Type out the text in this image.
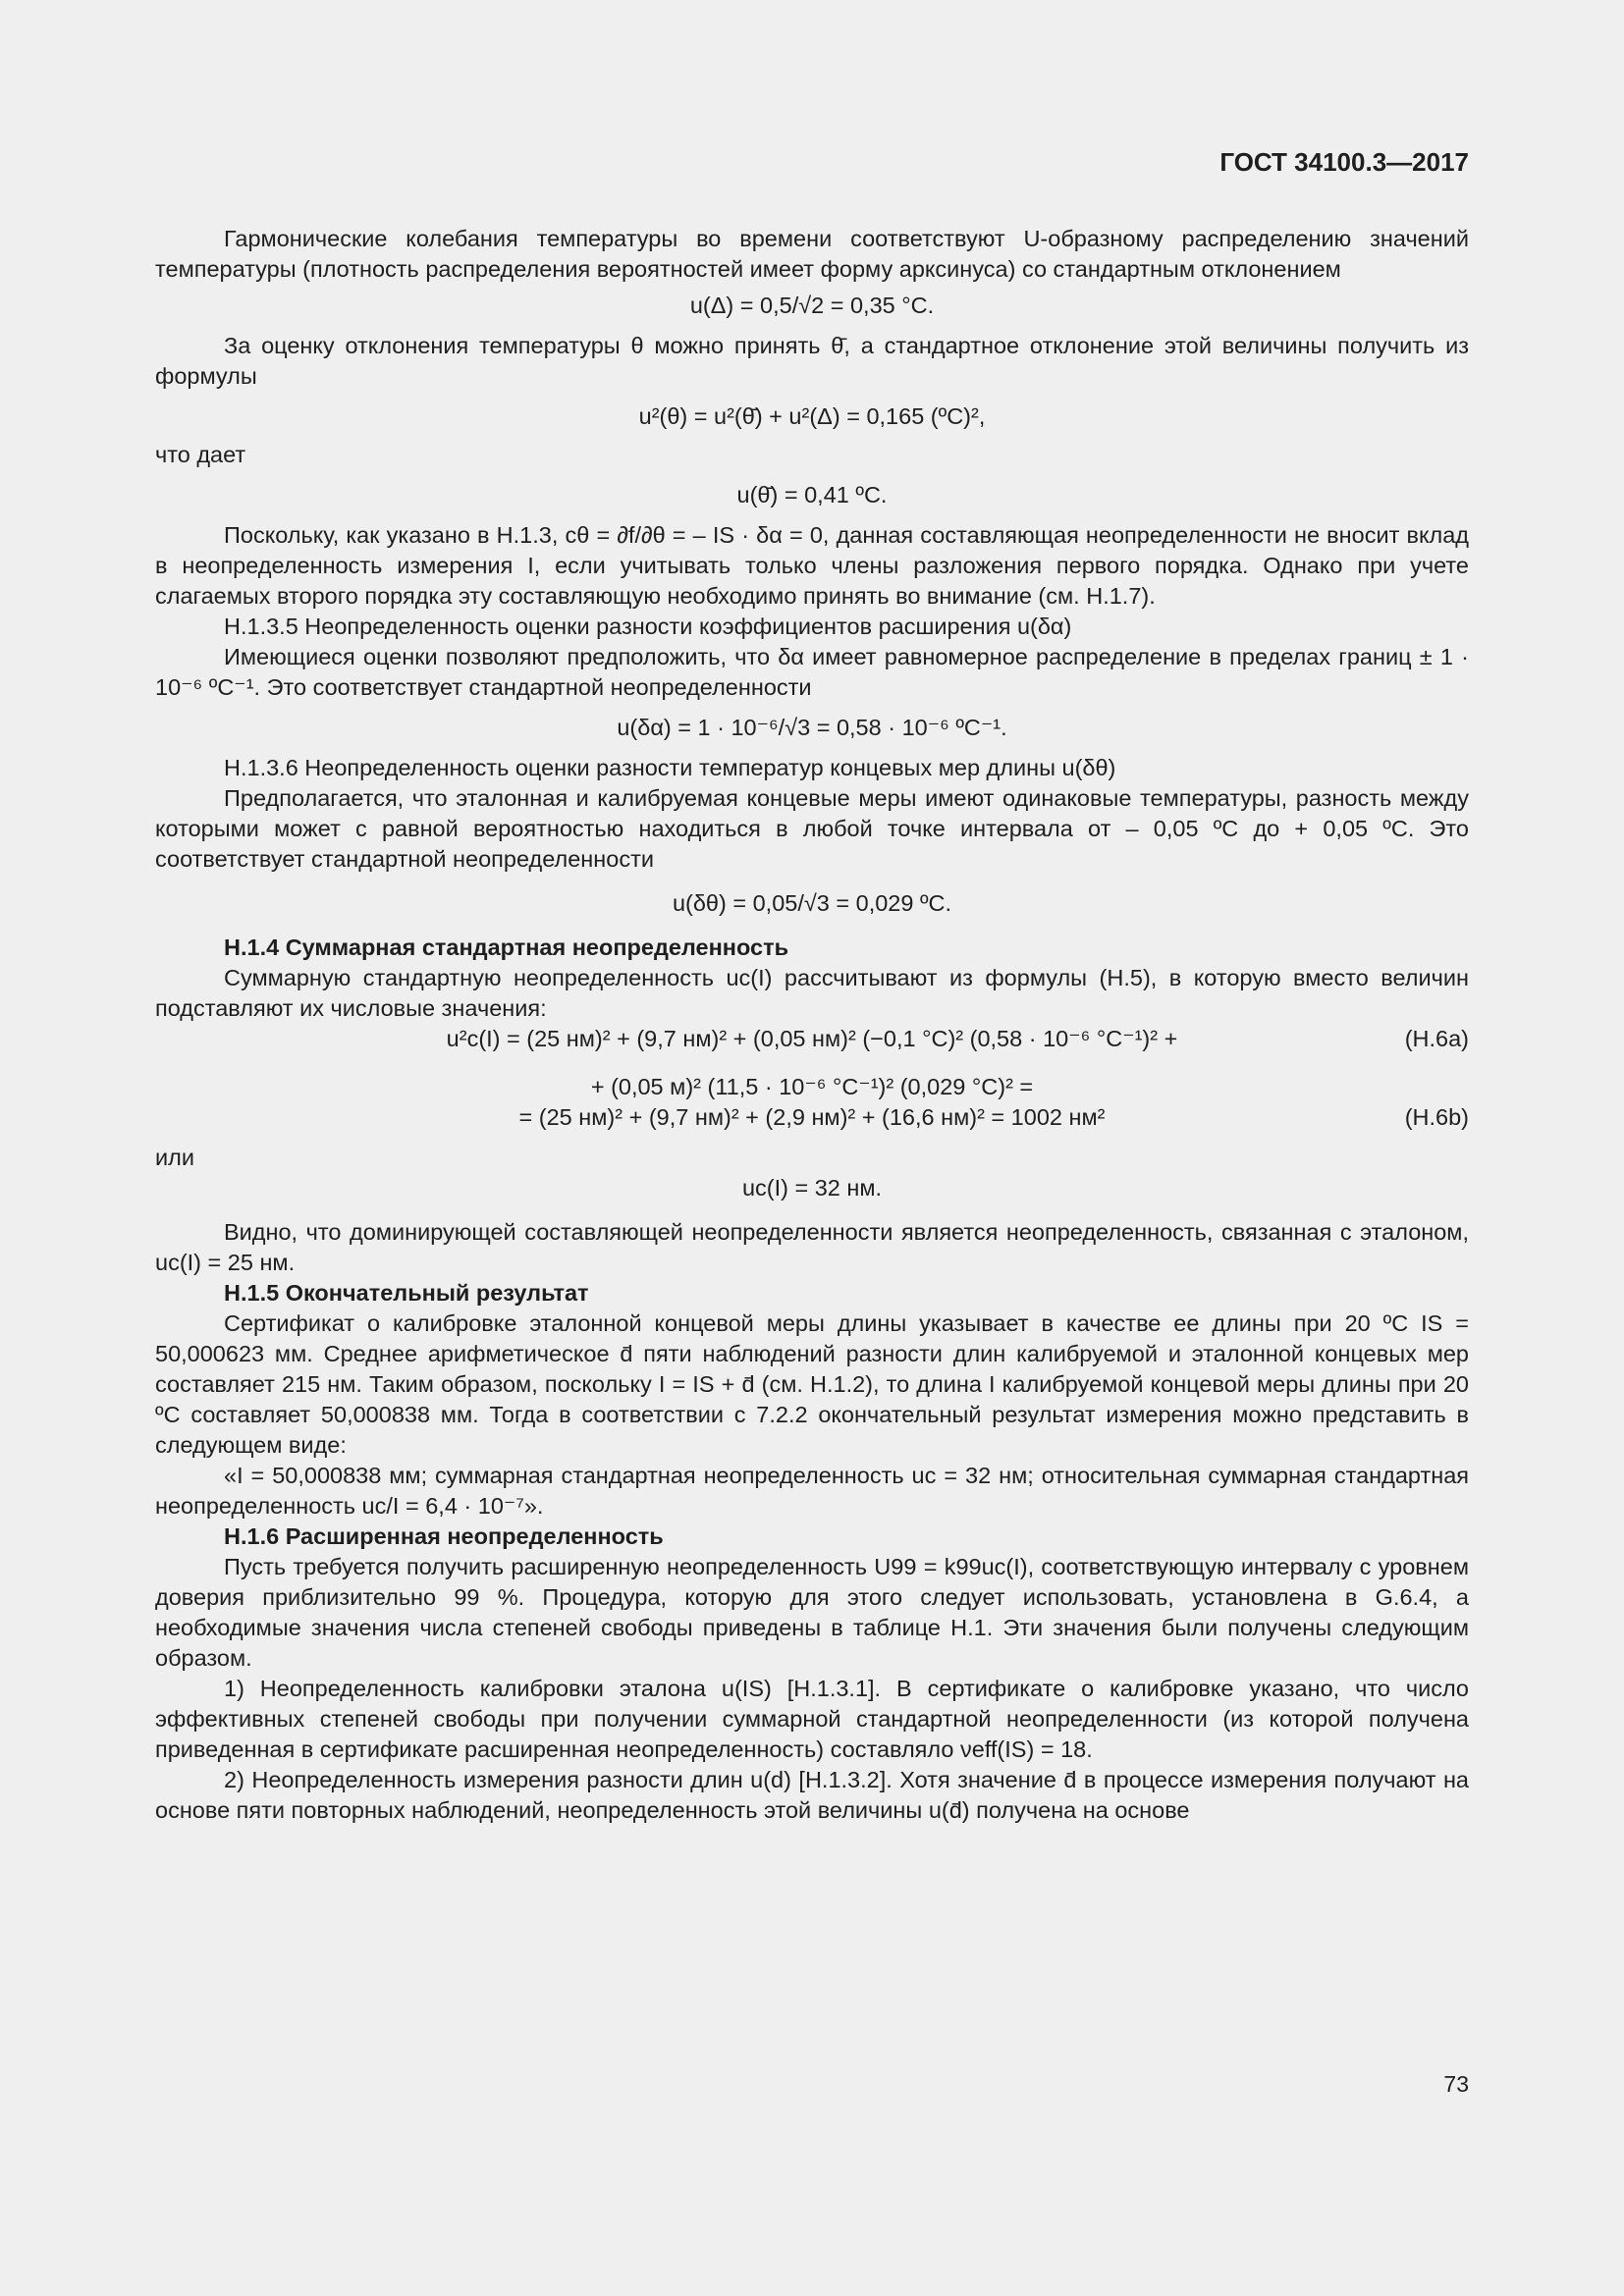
ГОСТ 34100.3—2017

Гармонические колебания температуры во времени соответствуют U-образному распределению значений температуры (плотность распределения вероятностей имеет форму арксинуса) со стандартным отклонением

u(Δ) = 0,5/√2 = 0,35 °C.

За оценку отклонения температуры θ можно принять θ̄, а стандартное отклонение этой величины получить из формулы

u²(θ) = u²(θ̄) + u²(Δ) = 0,165 (ºC)²,

что дает

u(θ̄) = 0,41 ºC.

Поскольку, как указано в Н.1.3, cθ = ∂f/∂θ = – IS · δα = 0, данная составляющая неопределенности не вносит вклад в неопределенность измерения I, если учитывать только члены разложения первого порядка. Однако при учете слагаемых второго порядка эту составляющую необходимо принять во внимание (см. Н.1.7).

Н.1.3.5 Неопределенность оценки разности коэффициентов расширения u(δα)

Имеющиеся оценки позволяют предположить, что δα имеет равномерное распределение в пределах границ ± 1 · 10⁻⁶ ºC⁻¹. Это соответствует стандартной неопределенности

u(δα) = 1 · 10⁻⁶/√3 = 0,58 · 10⁻⁶ ºC⁻¹.

Н.1.3.6 Неопределенность оценки разности температур концевых мер длины u(δθ)

Предполагается, что эталонная и калибруемая концевые меры имеют одинаковые температуры, разность между которыми может с равной вероятностью находиться в любой точке интервала от – 0,05 ºC до + 0,05 ºC. Это соответствует стандартной неопределенности

u(δθ) = 0,05/√3 = 0,029 ºC.

Н.1.4 Суммарная стандартная неопределенность

Суммарную стандартную неопределенность uc(I) рассчитывают из формулы (Н.5), в которую вместо величин подставляют их числовые значения:

u²c(I) = (25 нм)² + (9,7 нм)² + (0,05 нм)² (−0,1 °C)² (0,58 · 10⁻⁶ °C⁻¹)² +	(Н.6a)

+ (0,05 м)² (11,5 · 10⁻⁶ °C⁻¹)² (0,029 °C)² =

= (25 нм)² + (9,7 нм)² + (2,9 нм)² + (16,6 нм)² = 1002 нм²	(Н.6b)

или

uc(I) = 32 нм.

Видно, что доминирующей составляющей неопределенности является неопределенность, связанная с эталоном, uc(I) = 25 нм.

Н.1.5 Окончательный результат

Сертификат о калибровке эталонной концевой меры длины указывает в качестве ее длины при 20 ºC IS = 50,000623 мм. Среднее арифметическое d̄ пяти наблюдений разности длин калибруемой и эталонной концевых мер составляет 215 нм. Таким образом, поскольку I = IS + d̄ (см. Н.1.2), то длина I калибруемой концевой меры длины при 20 ºC составляет 50,000838 мм. Тогда в соответствии с 7.2.2 окончательный результат измерения можно представить в следующем виде:

«I = 50,000838 мм; суммарная стандартная неопределенность uc = 32 нм; относительная суммарная стандартная неопределенность uc/I = 6,4 · 10⁻⁷».

Н.1.6 Расширенная неопределенность

Пусть требуется получить расширенную неопределенность U99 = k99uc(I), соответствующую интервалу с уровнем доверия приблизительно 99 %. Процедура, которую для этого следует использовать, установлена в G.6.4, а необходимые значения числа степеней свободы приведены в таблице Н.1. Эти значения были получены следующим образом.

1) Неопределенность калибровки эталона u(IS) [Н.1.3.1]. В сертификате о калибровке указано, что число эффективных степеней свободы при получении суммарной стандартной неопределенности (из которой получена приведенная в сертификате расширенная неопределенность) составляло νeff(IS) = 18.

2) Неопределенность измерения разности длин u(d) [Н.1.3.2]. Хотя значение d̄ в процессе измерения получают на основе пяти повторных наблюдений, неопределенность этой величины u(d̄) получена на основе

73
